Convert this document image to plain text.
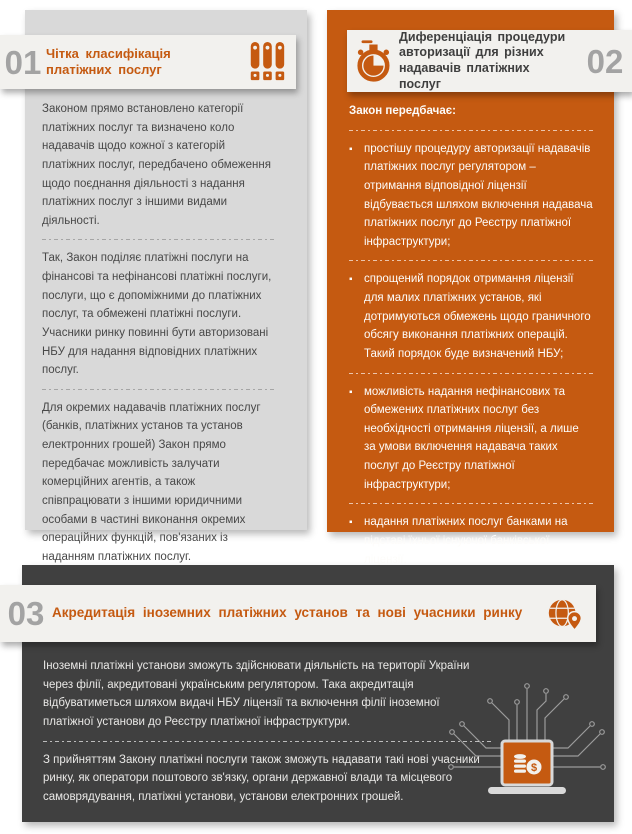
01 Чітка класифікація платіжних послуг

Законом прямо встановлено категорії платіжних послуг та визначено коло надавачів щодо кожної з категорій платіжних послуг, передбачено обмеження щодо поєднання діяльності з надання платіжних послуг з іншими видами діяльності.

Так, Закон поділяє платіжні послуги на фінансові та нефінансові платіжні послуги, послуги, що є допоміжними до платіжних послуг, та обмежені платіжні послуги. Учасники ринку повинні бути авторизовані НБУ для надання відповідних платіжних послуг.

Для окремих надавачів платіжних послуг (банків, платіжних установ та установ електронних грошей) Закон прямо передбачає можливість залучати комерційних агентів, а також співпрацювати з іншими юридичними особами в частині виконання окремих операційних функцій, пов'язаних із наданням платіжних послуг.

Диференціація процедури авторизації для різних надавачів платіжних послуг
02

Закон передбачає:

▪ простішу процедуру авторизації надавачів платіжних послуг регулятором – отримання відповідної ліцензії відбувається шляхом включення надавача платіжних послуг до Реєстру платіжної інфраструктури;
▪ спрощений порядок отримання ліцензії для малих платіжних установ, які дотримуються обмежень щодо граничного обсягу виконання платіжних операцій. Такий порядок буде визначений НБУ;
▪ можливість надання нефінансових та обмежених платіжних послуг без необхідності отримання ліцензії, а лише за умови включення надавача таких послуг до Реєстру платіжної інфраструктури;
▪ надання платіжних послуг банками на підставі їхньої існуючої банківської ліцензії.
03 Акредитація іноземних платіжних установ та нові учасники ринку
$

Іноземні платіжні установи зможуть здійснювати діяльність на території України через філії, акредитовані українським регулятором. Така акредитація відбуватиметься шляхом видачі НБУ ліцензії та включення філії іноземної платіжної установи до Реєстру платіжної інфраструктури.

З прийняттям Закону платіжні послуги також зможуть надавати такі нові учасники ринку, як оператори поштового зв'язку, органи державної влади та місцевого самоврядування, платіжні установи, установи електронних грошей.
